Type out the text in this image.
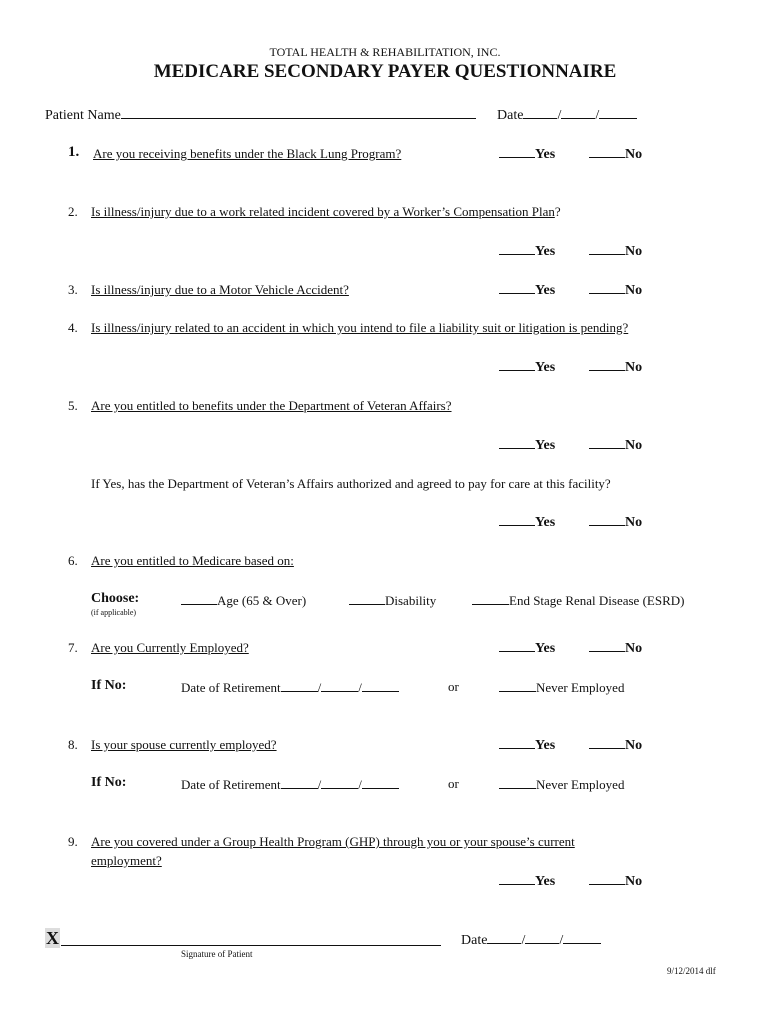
TOTAL HEALTH & REHABILITATION, INC.
MEDICARE SECONDARY PAYER QUESTIONNAIRE
Patient Name	Date / /
1. Are you receiving benefits under the Black Lung Program?	Yes	No
2. Is illness/injury due to a work related incident covered by a Worker’s Compensation Plan?
Yes	No
3. Is illness/injury due to a Motor Vehicle Accident?	Yes	No
4. Is illness/injury related to an accident in which you intend to file a liability suit or litigation is pending?
Yes	No
5. Are you entitled to benefits under the Department of Veteran Affairs?
Yes	No
If Yes, has the Department of Veteran’s Affairs authorized and agreed to pay for care at this facility?
Yes	No
6. Are you entitled to Medicare based on:
Choose:
(if applicable)
Age (65 & Over)	Disability	End Stage Renal Disease (ESRD)
7. Are you Currently Employed?	Yes	No
If No:	Date of Retirement	/	/	or	Never Employed
8. Is your spouse currently employed?	Yes	No
If No:	Date of Retirement	/	/	or	Never Employed
9. Are you covered under a Group Health Program (GHP) through you or your spouse’s current
employment?
Yes	No
X
Signature of Patient
Date / /
9/12/2014 dlf
